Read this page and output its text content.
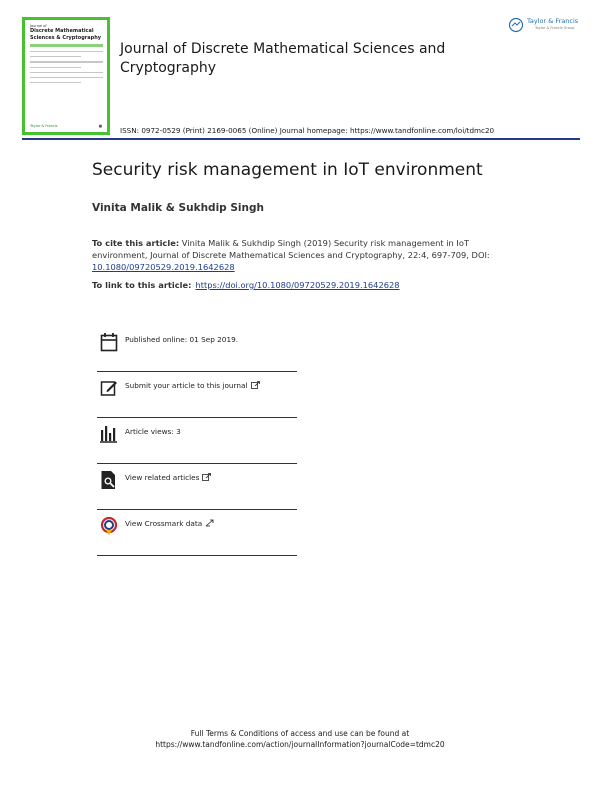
Journal of
Discrete Mathematical
Sciences & Cryptography
Taylor & Francis	■
Journal of Discrete Mathematical Sciences and Cryptography
Taylor & Francis
Taylor & Francis Group
ISSN: 0972-0529 (Print) 2169-0065 (Online) Journal homepage: https://www.tandfonline.com/loi/tdmc20
Security risk management in IoT environment
Vinita Malik & Sukhdip Singh
To cite this article: Vinita Malik & Sukhdip Singh (2019) Security risk management in IoT environment, Journal of Discrete Mathematical Sciences and Cryptography, 22:4, 697-709, DOI: 10.1080/09720529.2019.1642628
To link to this article: https://doi.org/10.1080/09720529.2019.1642628
Published online: 01 Sep 2019.
Submit your article to this journal
Article views: 3
View related articles
View Crossmark data
Full Terms & Conditions of access and use can be found at
https://www.tandfonline.com/action/journalInformation?journalCode=tdmc20
